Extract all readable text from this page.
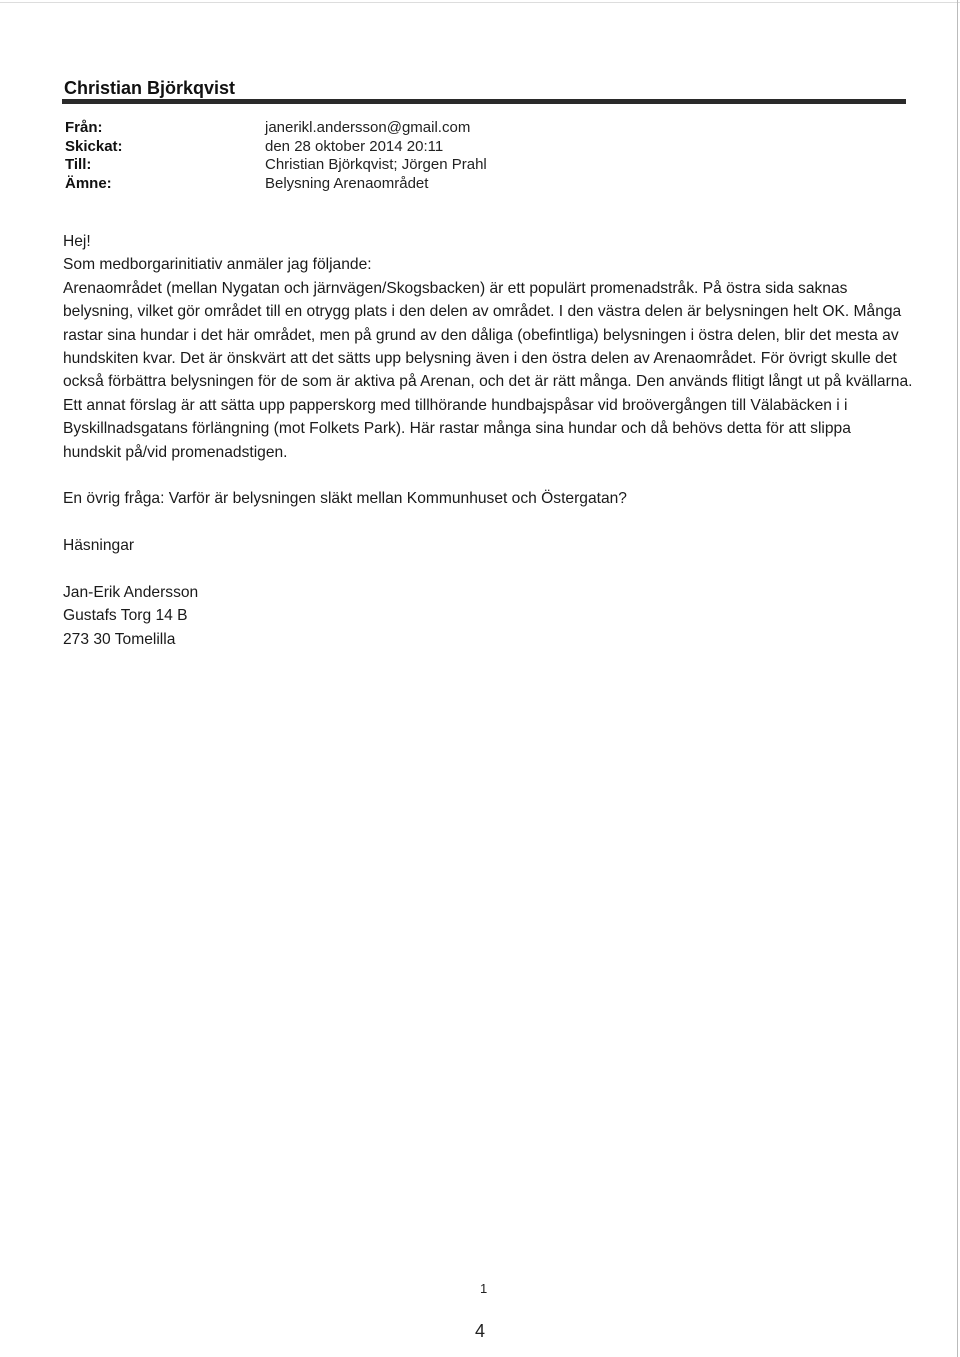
Christian Björkqvist
Från:	janerikl.andersson@gmail.com
Skickat:	den 28 oktober 2014 20:11
Till:	Christian Björkqvist; Jörgen Prahl
Ämne:	Belysning Arenaområdet

Hej!

Som medborgarinitiativ anmäler jag följande:

Arenaområdet (mellan Nygatan och järnvägen/Skogsbacken) är ett populärt promenadstråk. På östra sida saknas belysning, vilket gör området till en otrygg plats i den delen av området. I den västra delen är belysningen helt OK. Många rastar sina hundar i det här området, men på grund av den dåliga (obefintliga) belysningen i östra delen, blir det mesta av hundskiten kvar. Det är önskvärt att det sätts upp belysning även i den östra delen av Arenaområdet. För övrigt skulle det också förbättra belysningen för de som är aktiva på Arenan, och det är rätt många. Den används flitigt långt ut på kvällarna.

Ett annat förslag är att sätta upp papperskorg med tillhörande hundbajspåsar vid broövergången till Välabäcken i i Byskillnadsgatans förlängning (mot Folkets Park). Här rastar många sina hundar och då behövs detta för att slippa hundskit på/vid promenadstigen.

En övrig fråga: Varför är belysningen släkt mellan Kommunhuset och Östergatan?

Häsningar

Jan-Erik Andersson

Gustafs Torg 14 B

273 30 Tomelilla

1
4
